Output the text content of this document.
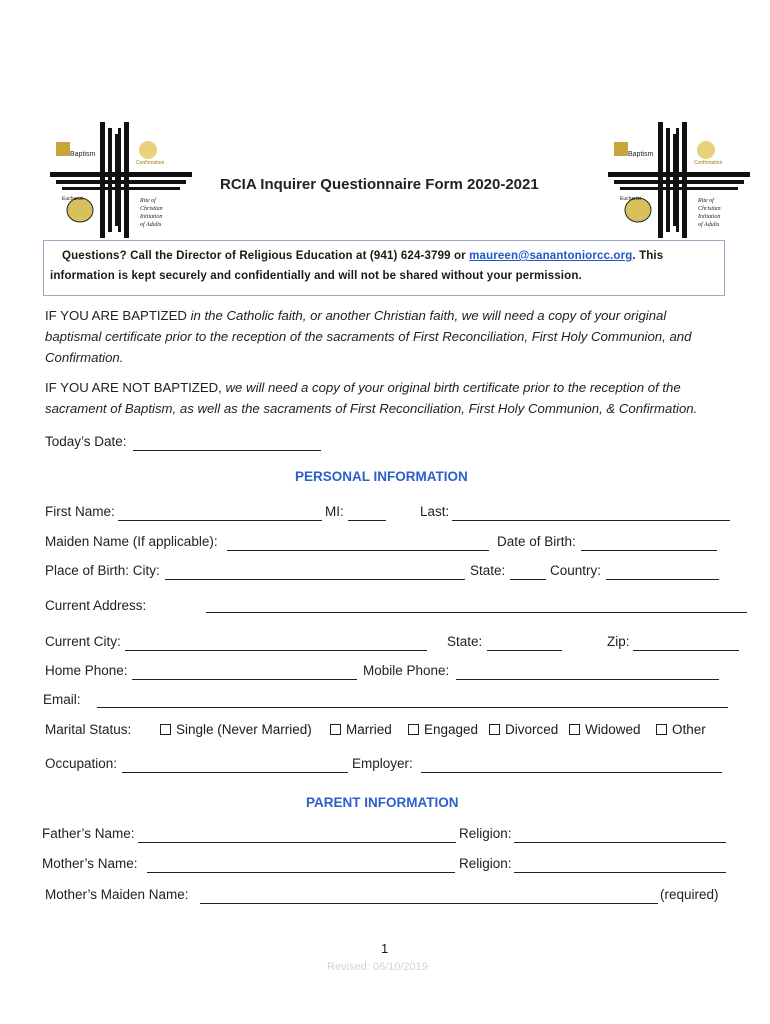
Baptism
Confirmation
Eucharist	Rite of
Christian
Initiation
of Adults
RCIA Inquirer Questionnaire Form 2020-2021
Baptism
Confirmation
Eucharist	Rite of
Christian
Initiation
of Adults
Questions? Call the Director of Religious Education at (941) 624-3799 or maureen@sanantoniorcc.org. This
information is kept securely and confidentially and will not be shared without your permission.
IF YOU ARE BAPTIZED in the Catholic faith, or another Christian faith, we will need a copy of your original
baptismal certificate prior to the reception of the sacraments of First Reconciliation, First Holy Communion, and
Confirmation.
IF YOU ARE NOT BAPTIZED, we will need a copy of your original birth certificate prior to the reception of the
sacrament of Baptism, as well as the sacraments of First Reconciliation, First Holy Communion, & Confirmation.
Today’s Date:
PERSONAL INFORMATION
First Name:	MI:	Last:
Maiden Name (If applicable):	Date of Birth:
Place of Birth: City:	State:	Country:
Current Address:
Current City:	State:	Zip:
Home Phone:	Mobile Phone:
Email:
Marital Status:	Single (Never Married)	Married	Engaged	Divorced	Widowed	Other
Occupation:	Employer:
PARENT INFORMATION
Father’s Name:	Religion:
Mother’s Name:	Religion:
Mother’s Maiden Name:	(required)
1
Revised: 06/10/2019
